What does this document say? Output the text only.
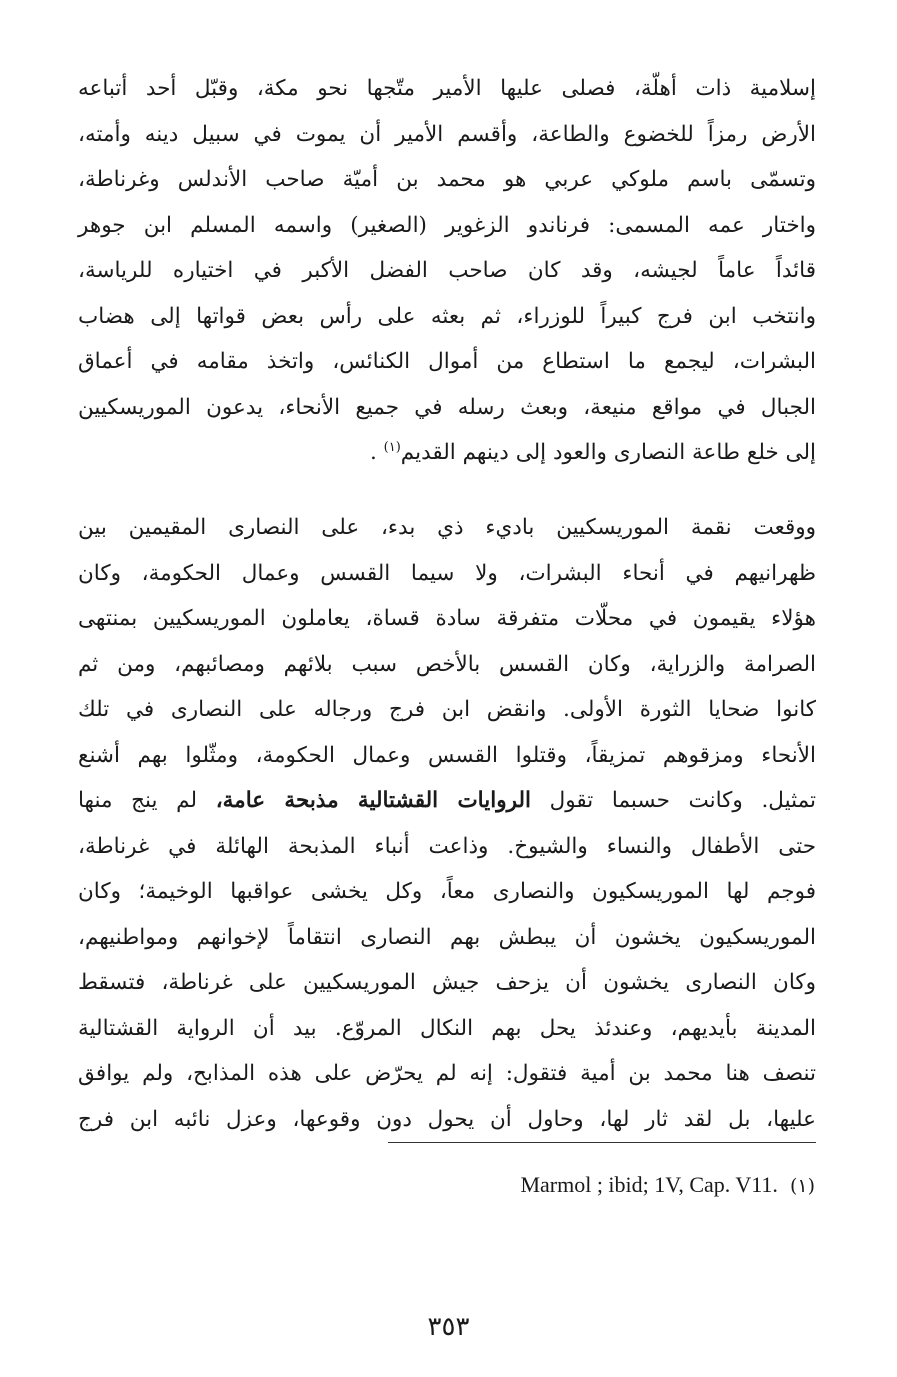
إسلامية ذات أهلّة، فصلى عليها الأمير متّجها نحو مكة، وقبّل أحد أتباعه
الأرض رمزاً للخضوع والطاعة، وأقسم الأمير أن يموت في سبيل دينه وأمته،
وتسمّى باسم ملوكي عربي هو محمد بن أميّة صاحب الأندلس وغرناطة،
واختار عمه المسمى: فرناندو الزغوير (الصغير) واسمه المسلم ابن جوهر
قائداً عاماً لجيشه، وقد كان صاحب الفضل الأكبر في اختياره للرياسة،
وانتخب ابن فرج كبيراً للوزراء، ثم بعثه على رأس بعض قواتها إلى هضاب
البشرات، ليجمع ما استطاع من أموال الكنائس، واتخذ مقامه في أعماق
الجبال في مواقع منيعة، وبعث رسله في جميع الأنحاء، يدعون الموريسكيين
إلى خلع طاعة النصارى والعود إلى دينهم القديم$^{(١)}$ .
ووقعت نقمة الموريسكيين باديء ذي بدء، على النصارى المقيمين بين
ظهرانيهم في أنحاء البشرات، ولا سيما القسس وعمال الحكومة، وكان
هؤلاء يقيمون في محلّات متفرقة سادة قساة، يعاملون الموريسكيين بمنتهى
الصرامة والزراية، وكان القسس بالأخص سبب بلائهم ومصائبهم، ومن ثم
كانوا ضحايا الثورة الأولى. وانقض ابن فرج ورجاله على النصارى في تلك
الأنحاء ومزقوهم تمزيقاً، وقتلوا القسس وعمال الحكومة، ومثّلوا بهم أشنع
تمثيل. وكانت حسبما تقول الروايات القشتالية مذبحة عامة، لم ينج منها
حتى الأطفال والنساء والشيوخ. وذاعت أنباء المذبحة الهائلة في غرناطة،
فوجم لها الموريسكيون والنصارى معاً، وكل يخشى عواقبها الوخيمة؛ وكان
الموريسكيون يخشون أن يبطش بهم النصارى انتقاماً لإخوانهم ومواطنيهم،
وكان النصارى يخشون أن يزحف جيش الموريسكيين على غرناطة، فتسقط
المدينة بأيديهم، وعندئذ يحل بهم النكال المروّع. بيد أن الرواية القشتالية
تنصف هنا محمد بن أمية فتقول: إنه لم يحرّض على هذه المذابح، ولم يوافق
عليها، بل لقد ثار لها، وحاول أن يحول دون وقوعها، وعزل نائبه ابن فرج
Marmol ; ibid; 1V, Cap. V11. (١)
٣٥٣
